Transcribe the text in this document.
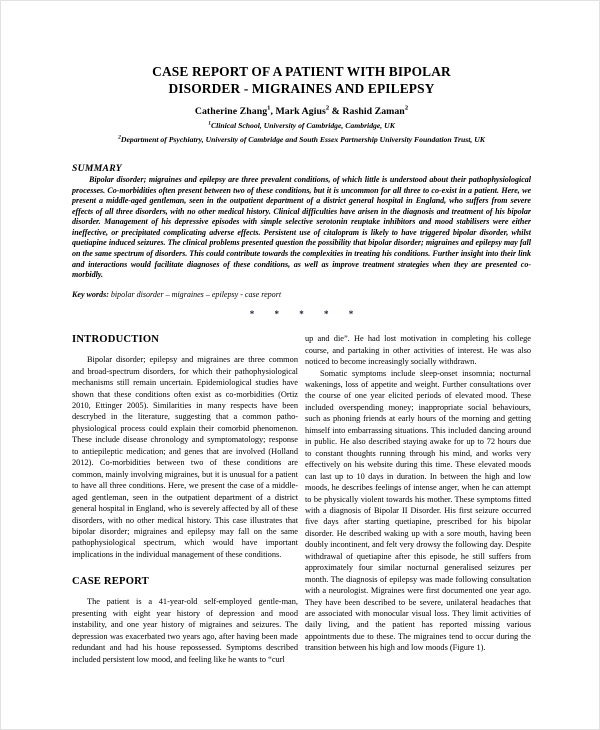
CASE REPORT OF A PATIENT WITH BIPOLAR
DISORDER - MIGRAINES AND EPILEPSY
Catherine Zhang$^1$, Mark Agius$^2$ & Rashid Zaman$^2$
$^1$Clinical School, University of Cambridge, Cambridge, UK
$^2$Department of Psychiatry, University of Cambridge and South Essex Partnership University Foundation Trust, UK
SUMMARY
Bipolar disorder; migraines and epilepsy are three prevalent conditions, of which little is understood about their pathophysiological processes. Co-morbidities often present between two of these conditions, but it is uncommon for all three to co-exist in a patient. Here, we present a middle-aged gentleman, seen in the outpatient department of a district general hospital in England, who suffers from severe effects of all three disorders, with no other medical history. Clinical difficulties have arisen in the diagnosis and treatment of his bipolar disorder. Management of his depressive episodes with simple selective serotonin reuptake inhibitors and mood stabilisers were either ineffective, or precipitated complicating adverse effects. Persistent use of citalopram is likely to have triggered bipolar disorder, whilst quetiapine induced seizures. The clinical problems presented question the possibility that bipolar disorder; migraines and epilepsy may fall on the same spectrum of disorders. This could contribute towards the complexities in treating his conditions. Further insight into their link and interactions would facilitate diagnoses of these conditions, as well as improve treatment strategies when they are presented co-morbidly.
Key words: bipolar disorder – migraines – epilepsy - case report
* * * * *
INTRODUCTION

Bipolar disorder; epilepsy and migraines are three common and broad-spectrum disorders, for which their pathophysiological mechanisms still remain uncertain. Epidemiological studies have shown that these conditions often exist as co-morbidities (Ortiz 2010, Ettinger 2005). Similarities in many respects have been descrybed in the literature, suggesting that a common patho-physiological process could explain their comorbid phenomenon. These include disease chronology and symptomatology; response to antiepileptic medication; and genes that are involved (Holland 2012). Co-morbidities between two of these conditions are common, mainly involving migraines, but it is unusual for a patient to have all three conditions. Here, we present the case of a middle-aged gentleman, seen in the outpatient department of a district general hospital in England, who is severely affected by all of these disorders, with no other medical history. This case illustrates that bipolar disorder; migraines and epilepsy may fall on the same pathophysiological spectrum, which would have important implications in the individual management of these conditions.

CASE REPORT

The patient is a 41-year-old self-employed gentle-man, presenting with eight year history of depression and mood instability, and one year history of migraines and seizures. The depression was exacerbated two years ago, after having been made redundant and had his house repossessed. Symptoms described included persistent low mood, and feeling like he wants to “curl

up and die”. He had lost motivation in completing his college course, and partaking in other activities of interest. He was also noticed to become increasingly socially withdrawn.

Somatic symptoms include sleep-onset insomnia; nocturnal wakenings, loss of appetite and weight. Further consultations over the course of one year elicited periods of elevated mood. These included overspending money; inappropriate social behaviours, such as phoning friends at early hours of the morning and getting himself into embarrassing situations. This included dancing around in public. He also described staying awake for up to 72 hours due to constant thoughts running through his mind, and works very effectively on his website during this time. These elevated moods can last up to 10 days in duration. In between the high and low moods, he describes feelings of intense anger, when he can attempt to be physically violent towards his mother. These symptoms fitted with a diagnosis of Bipolar II Disorder. His first seizure occurred five days after starting quetiapine, prescribed for his bipolar disorder. He described waking up with a sore mouth, having been doubly incontinent, and felt very drowsy the following day. Despite withdrawal of quetiapine after this episode, he still suffers from approximately four similar nocturnal generalised seizures per month. The diagnosis of epilepsy was made following consultation with a neurologist. Migraines were first documented one year ago. They have been described to be severe, unilateral headaches that are associated with monocular visual loss. They limit activities of daily living, and the patient has reported missing various appointments due to these. The migraines tend to occur during the transition between his high and low moods (Figure 1).
